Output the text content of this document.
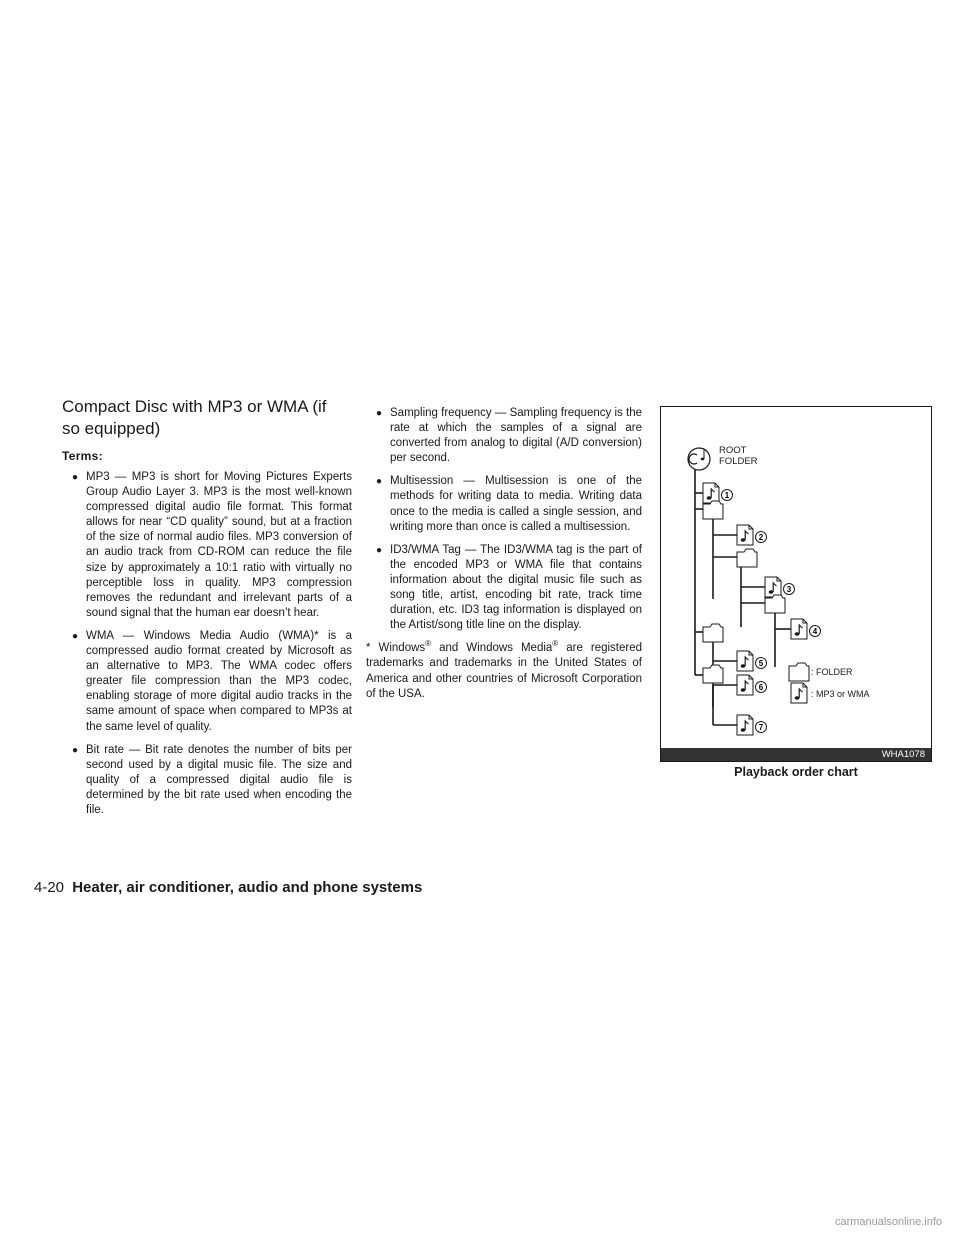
Compact Disc with MP3 or WMA (if
so equipped)
Terms:
● MP3 — MP3 is short for Moving Pictures Experts Group Audio Layer 3. MP3 is the most well-known compressed digital audio file format. This format allows for near “CD quality” sound, but at a fraction of the size of normal audio files. MP3 conversion of an audio track from CD-ROM can reduce the file size by approximately a 10:1 ratio with virtually no perceptible loss in quality. MP3 compression removes the redundant and irrelevant parts of a sound signal that the human ear doesn’t hear.
● WMA — Windows Media Audio (WMA)* is a compressed audio format created by Microsoft as an alternative to MP3. The WMA codec offers greater file compression than the MP3 codec, enabling storage of more digital audio tracks in the same amount of space when compared to MP3s at the same level of quality.
● Bit rate — Bit rate denotes the number of bits per second used by a digital music file. The size and quality of a compressed digital audio file is determined by the bit rate used when encoding the file.
● Sampling frequency — Sampling frequency is the rate at which the samples of a signal are converted from analog to digital (A/D conversion) per second.
● Multisession — Multisession is one of the methods for writing data to media. Writing data once to the media is called a single session, and writing more than once is called a multisession.
● ID3/WMA Tag — The ID3/WMA tag is the part of the encoded MP3 or WMA file that contains information about the digital music file such as song title, artist, encoding bit rate, track time duration, etc. ID3 tag information is displayed on the Artist/song title line on the display.

* Windows® and Windows Media® are registered trademarks and trademarks in the United States of America and other countries of Microsoft Corporation of the USA.

1
2
3
4
5
6
7
ROOT
FOLDER
: FOLDER
: MP3 or WMA
WHA1078
Playback order chart
4-20 Heater, air conditioner, audio and phone systems
carmanualsonline.info
